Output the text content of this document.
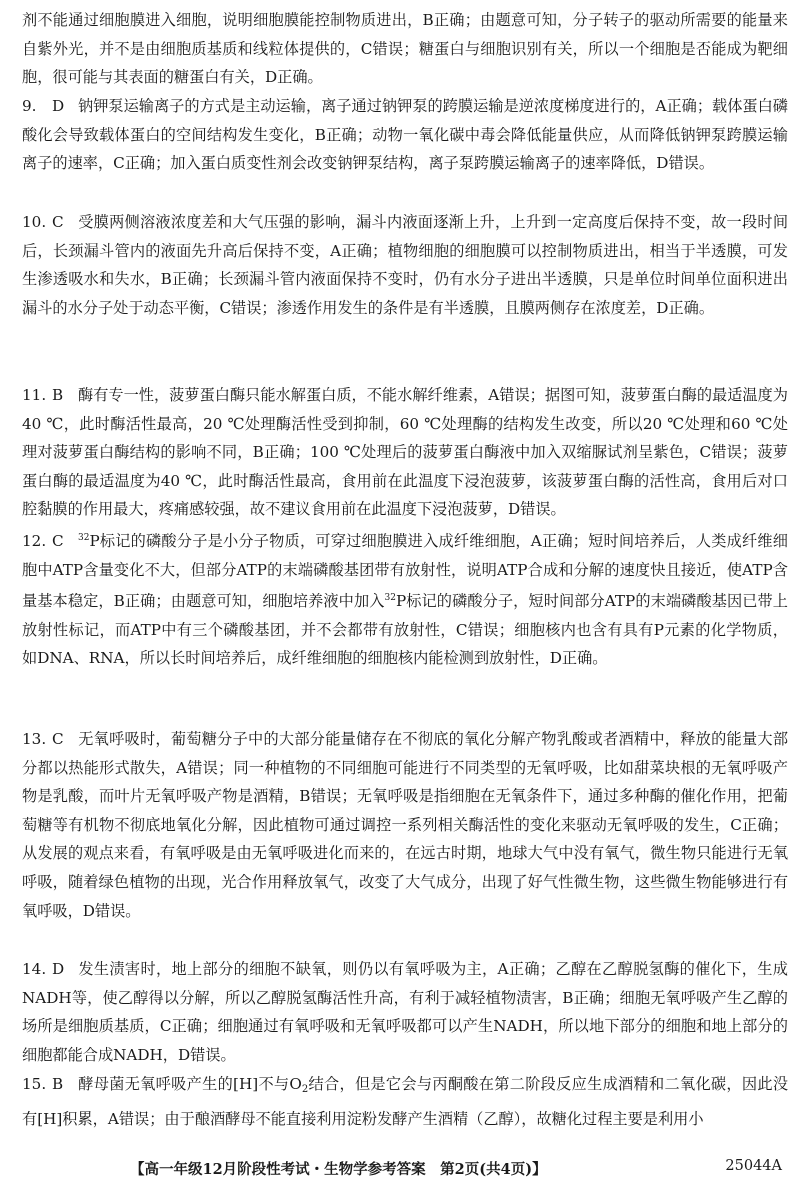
剂不能通过细胞膜进入细胞，说明细胞膜能控制物质进出，B正确；由题意可知，分子转子的驱动所需要的能量来自紫外光，并不是由细胞质基质和线粒体提供的，C错误；糖蛋白与细胞识别有关，所以一个细胞是否能成为靶细胞，很可能与其表面的糖蛋白有关，D正确。

9. D 钠钾泵运输离子的方式是主动运输，离子通过钠钾泵的跨膜运输是逆浓度梯度进行的，A正确；载体蛋白磷酸化会导致载体蛋白的空间结构发生变化，B正确；动物一氧化碳中毒会降低能量供应，从而降低钠钾泵跨膜运输离子的速率，C正确；加入蛋白质变性剂会改变钠钾泵结构，离子泵跨膜运输离子的速率降低，D错误。

10. C 受膜两侧溶液浓度差和大气压强的影响，漏斗内液面逐渐上升，上升到一定高度后保持不变，故一段时间后，长颈漏斗管内的液面先升高后保持不变，A正确；植物细胞的细胞膜可以控制物质进出，相当于半透膜，可发生渗透吸水和失水，B正确；长颈漏斗管内液面保持不变时，仍有水分子进出半透膜，只是单位时间单位面积进出漏斗的水分子处于动态平衡，C错误；渗透作用发生的条件是有半透膜，且膜两侧存在浓度差，D正确。

11. B 酶有专一性，菠萝蛋白酶只能水解蛋白质，不能水解纤维素，A错误；据图可知，菠萝蛋白酶的最适温度为40 ℃，此时酶活性最高，20 ℃处理酶活性受到抑制，60 ℃处理酶的结构发生改变，所以20 ℃处理和60 ℃处理对菠萝蛋白酶结构的影响不同，B正确；100 ℃处理后的菠萝蛋白酶液中加入双缩脲试剂呈紫色，C错误；菠萝蛋白酶的最适温度为40 ℃，此时酶活性最高，食用前在此温度下浸泡菠萝，该菠萝蛋白酶的活性高，食用后对口腔黏膜的作用最大，疼痛感较强，故不建议食用前在此温度下浸泡菠萝，D错误。

12. C $^{32}$P标记的磷酸分子是小分子物质，可穿过细胞膜进入成纤维细胞，A正确；短时间培养后，人类成纤维细胞中ATP含量变化不大，但部分ATP的末端磷酸基团带有放射性，说明ATP合成和分解的速度快且接近，使ATP含量基本稳定，B正确；由题意可知，细胞培养液中加入$^{32}$P标记的磷酸分子，短时间部分ATP的末端磷酸基因已带上放射性标记，而ATP中有三个磷酸基团，并不会都带有放射性，C错误；细胞核内也含有具有P元素的化学物质，如DNA、RNA，所以长时间培养后，成纤维细胞的细胞核内能检测到放射性，D正确。

13. C 无氧呼吸时，葡萄糖分子中的大部分能量储存在不彻底的氧化分解产物乳酸或者酒精中，释放的能量大部分都以热能形式散失，A错误；同一种植物的不同细胞可能进行不同类型的无氧呼吸，比如甜菜块根的无氧呼吸产物是乳酸，而叶片无氧呼吸产物是酒精，B错误；无氧呼吸是指细胞在无氧条件下，通过多种酶的催化作用，把葡萄糖等有机物不彻底地氧化分解，因此植物可通过调控一系列相关酶活性的变化来驱动无氧呼吸的发生，C正确；从发展的观点来看，有氧呼吸是由无氧呼吸进化而来的，在远古时期，地球大气中没有氧气，微生物只能进行无氧呼吸，随着绿色植物的出现，光合作用释放氧气，改变了大气成分，出现了好气性微生物，这些微生物能够进行有氧呼吸，D错误。

14. D 发生渍害时，地上部分的细胞不缺氧，则仍以有氧呼吸为主，A正确；乙醇在乙醇脱氢酶的催化下，生成NADH等，使乙醇得以分解，所以乙醇脱氢酶活性升高，有利于减轻植物渍害，B正确；细胞无氧呼吸产生乙醇的场所是细胞质基质，C正确；细胞通过有氧呼吸和无氧呼吸都可以产生NADH，所以地下部分的细胞和地上部分的细胞都能合成NADH，D错误。

15. B 酵母菌无氧呼吸产生的[H]不与$O_2$结合，但是它会与丙酮酸在第二阶段反应生成酒精和二氧化碳，因此没有[H]积累，A错误；由于酿酒酵母不能直接利用淀粉发酵产生酒精（乙醇），故糖化过程主要是利用小

【高一年级12月阶段性考试・生物学参考答案　第2页(共4页)】	25044A
